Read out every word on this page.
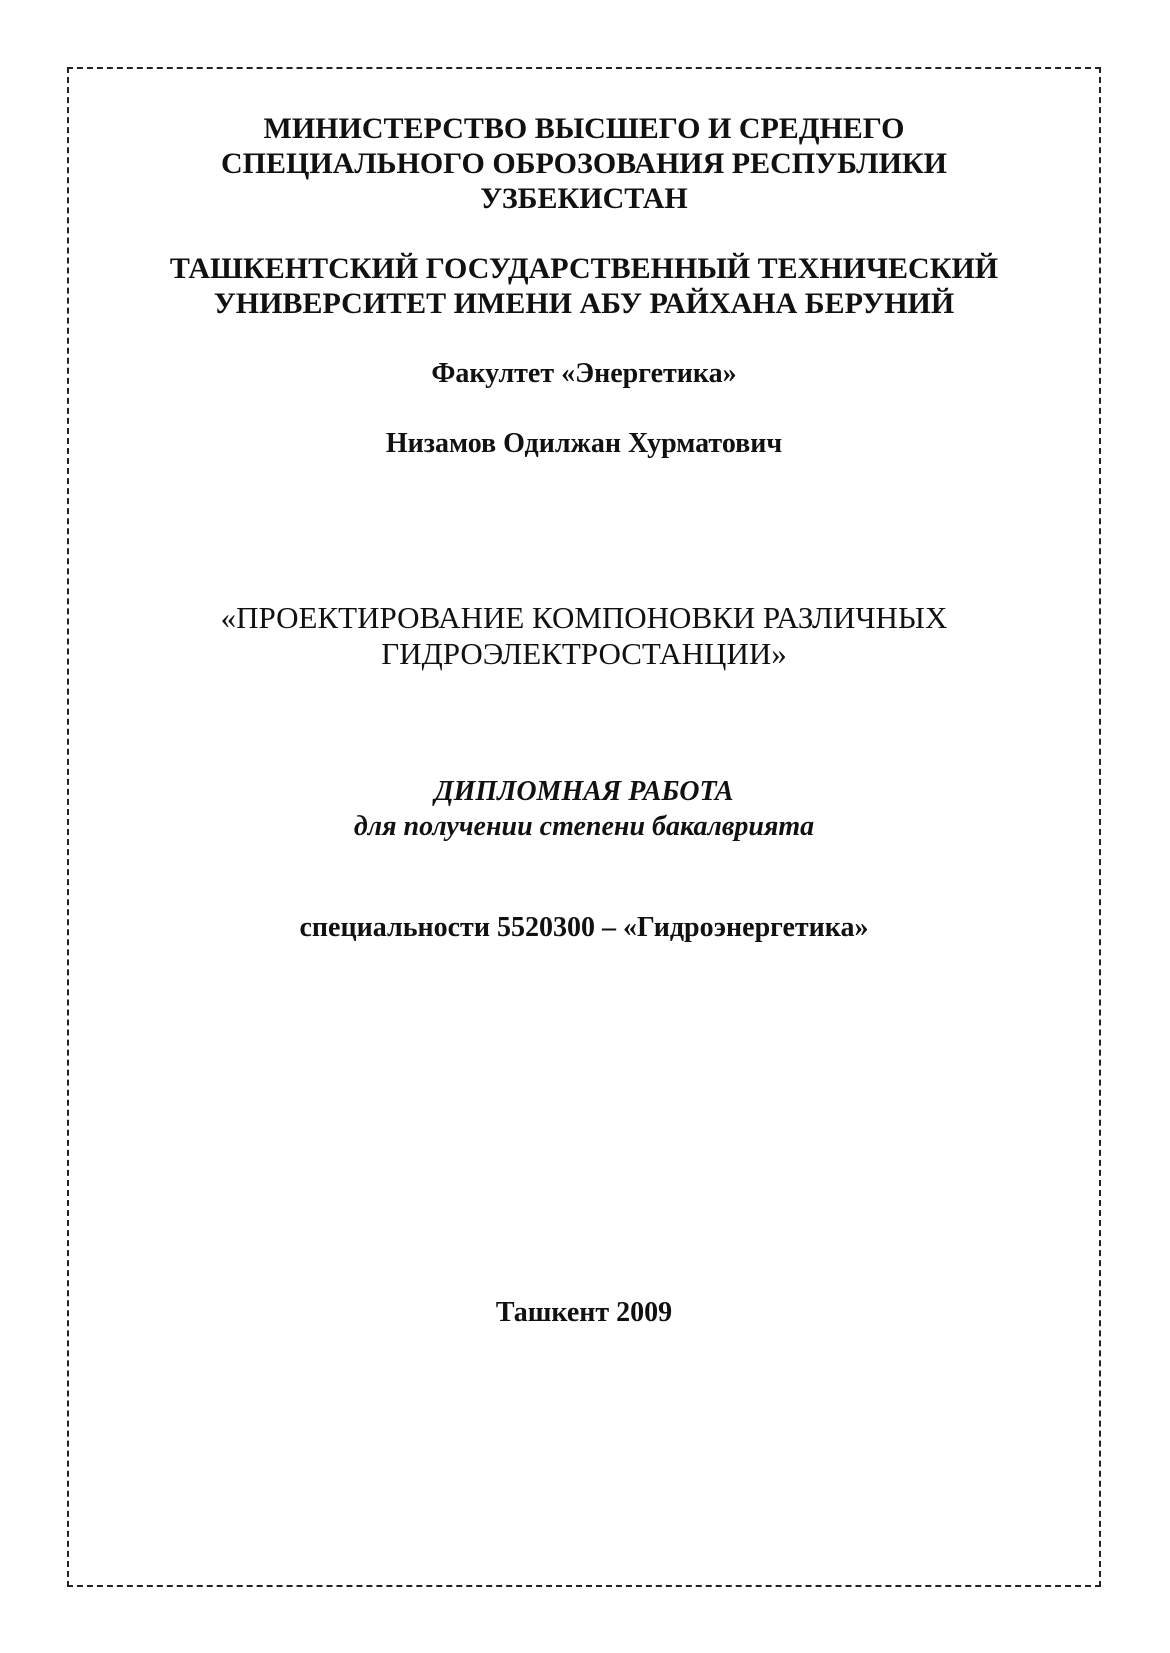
МИНИСТЕРСТВО ВЫСШЕГО И СРЕДНЕГО
СПЕЦИАЛЬНОГО ОБРОЗОВАНИЯ РЕСПУБЛИКИ
УЗБЕКИСТАН
ТАШКЕНТСКИЙ ГОСУДАРСТВЕННЫЙ ТЕХНИЧЕСКИЙ
УНИВЕРСИТЕТ ИМЕНИ АБУ РАЙХАНА БЕРУНИЙ
Факултет «Энергетика»
Низамов Одилжан Хурматович
«ПРОЕКТИРОВАНИЕ КОМПОНОВКИ РАЗЛИЧНЫХ
ГИДРОЭЛЕКТРОСТАНЦИИ»
ДИПЛОМНАЯ РАБОТА
для получении степени бакалврията
специальности 5520300 – «Гидроэнергетика»
Ташкент 2009
